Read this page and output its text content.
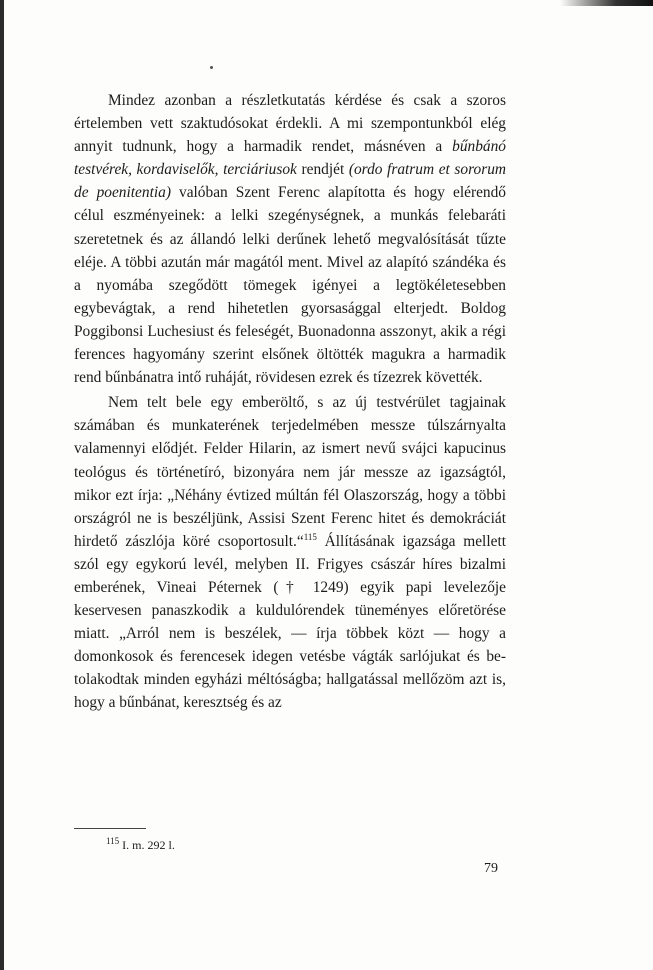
Mindez azonban a részletkutatás kérdése és csak a szoros értelemben vett szaktudósokat érdekli. A mi szempontunkból elég annyit tudnunk, hogy a harmadik rendet, másnéven a bűnbánó testvérek, kordaviselők, terciáriusok rendjét (ordo fratrum et sororum de poenitentia) valóban Szent Ferenc alapította és hogy elérendő célul eszményeinek: a lelki szegénységnek, a munkás felebaráti szeretetnek és az állandó lelki derűnek lehető megvalósítását tűzte eléje. A többi azután már magától ment. Mivel az alapító szándéka és a nyomába szegődött tömegek igényei a legtökéletesebben egybevágtak, a rend hihetetlen gyorsasággal elterjedt. Boldog Poggibonsi Luchesiust és feleségét, Buonadonna asszonyt, akik a régi ferences hagyomány szerint elsőnek öltötték magukra a harmadik rend bűnbánatra intő ruháját, rövidesen ezrek és tízezrek követték.

Nem telt bele egy emberöltő, s az új testvérület tagjainak számában és munkaterének terjedelmében messze túlszárnyalta valamennyi elődjét. Felder Hilarin, az ismert nevű svájci kapucinus teológus és történetíró, bizonyára nem jár messze az igazságtól, mikor ezt írja: „Néhány évtized múltán fél Olaszország, hogy a többi országról ne is beszéljünk, Assisi Szent Ferenc hitet és demokráciát hirdető zászlója köré csoportosult.“$^{115}$ Állításának igazsága mellett szól egy egykorú levél, melyben II. Frigyes császár híres bizalmi emberének, Vineai Péternek († 1249) egyik papi levelezője keservesen panaszkodik a kuldulórendek tüneményes előretörése miatt. „Arról nem is beszélek, — írja többek közt — hogy a domonkosok és ferencesek idegen vetésbe vágták sarlójukat és betolakodtak minden egyházi méltóságba; hallgatással mellőzöm azt is, hogy a bűnbánat, keresztség és az

$^{115}$ I. m. 292 l.
79
